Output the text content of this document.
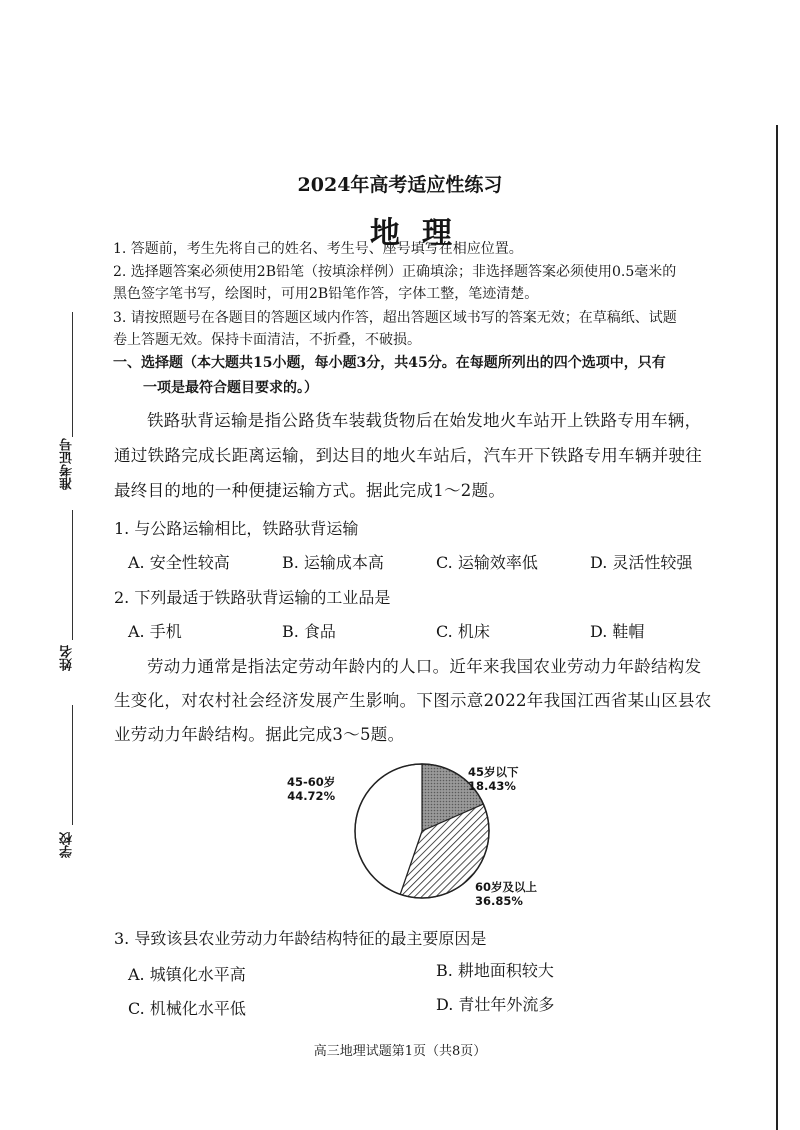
准考证号
姓名
学校
2024年高考适应性练习
地理
1. 答题前，考生先将自己的姓名、考生号、座号填写在相应位置。
2. 选择题答案必须使用2B铅笔（按填涂样例）正确填涂；非选择题答案必须使用0.5毫米的
黑色签字笔书写，绘图时，可用2B铅笔作答，字体工整，笔迹清楚。
3. 请按照题号在各题目的答题区域内作答，超出答题区域书写的答案无效；在草稿纸、试题
卷上答题无效。保持卡面清洁，不折叠，不破损。
一、选择题（本大题共15小题，每小题3分，共45分。在每题所列出的四个选项中，只有
一项是最符合题目要求的。）
铁路驮背运输是指公路货车装载货物后在始发地火车站开上铁路专用车辆，
通过铁路完成长距离运输，到达目的地火车站后，汽车开下铁路专用车辆并驶往
最终目的地的一种便捷运输方式。据此完成1～2题。
1. 与公路运输相比，铁路驮背运输
A. 安全性较高	B. 运输成本高	C. 运输效率低	D. 灵活性较强
2. 下列最适于铁路驮背运输的工业品是
A. 手机	B. 食品	C. 机床	D. 鞋帽
劳动力通常是指法定劳动年龄内的人口。近年来我国农业劳动力年龄结构发
生变化，对农村社会经济发展产生影响。下图示意2022年我国江西省某山区县农
业劳动力年龄结构。据此完成3～5题。
45-60岁
44.72%
45岁以下
18.43%
60岁及以上
36.85%
3. 导致该县农业劳动力年龄结构特征的最主要原因是
A. 城镇化水平高	B. 耕地面积较大
C. 机械化水平低	D. 青壮年外流多
高三地理试题第1页（共8页）
